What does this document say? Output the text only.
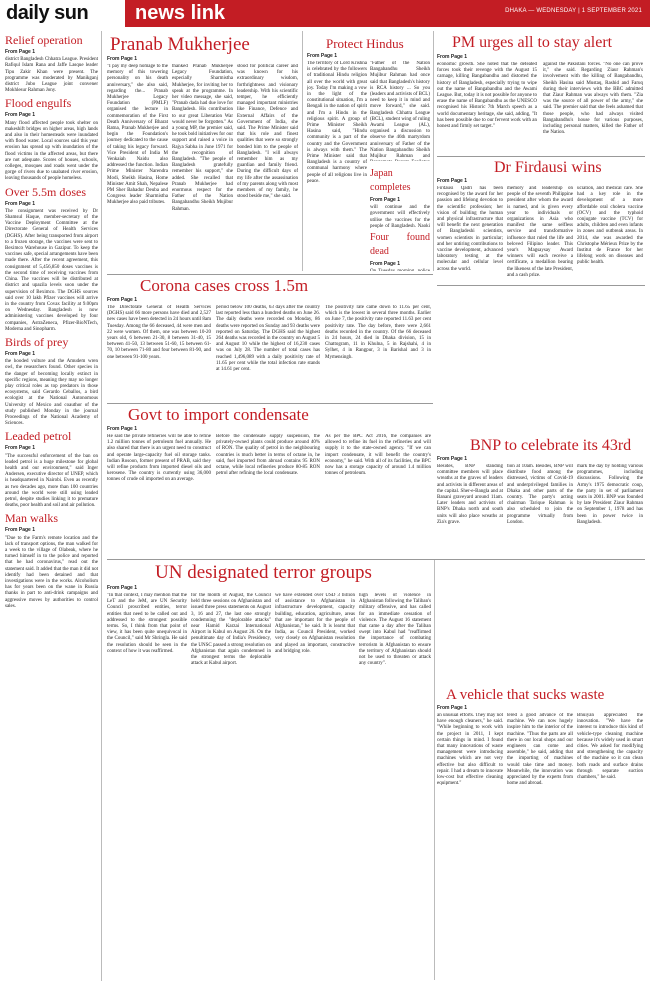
daily sun	news link	DHAKA — WEDNESDAY | 1 SEPTEMBER 2021
Relief operation
From Page 1

district Bangladesh Chhatra League. President Rafiqul Islam Rana and Jaffe Lasque leader Tipu Zakir Khan were present. The programme was moderated by Manikganj district Jubo League joint convener Mokhlesur Rahman Jony.

Flood engulfs
From Page 1

Many flood affected people took shelter on makeshift bridges on higher areas, high lands and also in their homesteads were inundated with flood water. Local sources said this year erosion has spread up with inundation of the flood victims in the affected areas, but there are not adequate. Scores of houses, schools, colleges, mosques and roads went under the gorge of rivers due to unabated river erosion, leaving thousands of people homeless.

Over 5.5m doses
From Page 1

The consignment was received by Dr Shamsul Haque, member-secretary of the Vaccine Deployment Committee at the Directorate General of Health Services (DGHS). After being transported from airport to a frozen storage, the vaccines were sent to Beximco Warehouse in Gazipur. To keep the vaccines safe, special arrangements have been made there. After the recent agreement, this consignment of 5,456,850 doses vaccines is the second time of receiving vaccines from China. The vaccines will be distributed at district and upazila levels soon under the supervision of Beximco. The DGHS sources said over 10 lakh Pfizer vaccines will arrive in the country from Covax facility at 9.00pm on Wednesday. Bangladesh is now administering vaccines developed by four companies, AstraZeneca, Pfizer-BioNTech, Moderna and Sinopharm.

Birds of prey
From Page 1

the hooded vulture and the Amudem wren owl, the researchers found. Other species in the danger of becoming locally extinct in specific regions, meaning they may no longer play critical roles as top predators in those ecosystems, said Gerardo Ceballos, a bird ecologist at the National Autonomous University of Mexico and coauthor of the study published Monday in the journal Proceedings of the National Academy of Sciences.

Leaded petrol
From Page 1

"The successful enforcement of the ban on leaded petrol is a huge milestone for global health and our environment," said Inger Andersen, executive director of UNEP, which is headquartered in Nairobi. Even as recently as two decades ago, more than 100 countries around the world were still using leaded petrol, despite studies linking it to premature deaths, poor health and soil and air pollution.

Man walks
From Page 1

"Due to the Farm's remote location and the lack of transport options, the man walked for a week to the village of Olabeak, where he turned himself in to the police and reported that he had coronavirus," read out the statement said. It added that the man it did not identify had been detained and that investigations were in the works. Alcoholism has for years been on the wane in Russia thanks in part to anti-drink campaigns and aggressive moves by authorities to control sales.

Pranab Mukherjee
From Page 1

"I pay my deep homage to the memory of this towering personality on his death anniversary," she also said, regarding the... Pranab Mukherjee Legacy Foundation (PMLF) organised the lecture in commemoration of the First Death Anniversary of Bharat Ratna, Pranab Mukherjee and begin the Foundation's journey dedicated to the cause of taking his legacy forward. Vice President of India M Venkaiah Naidu also addressed the function. Indian Prime Minister Narendra Modi, Sheikh Hasina, Home Minister Amit Shah, Nepalese PM Sher Bahadur Deuba and Congress leader Sharmistha Mukherjee also paid tributes.

thanked Pranab Mukherjee Legacy Foundation, especially Sharmistha Mukherjee, for inviting her to speak at the programme. In her video message, she said, "Pranab dada had due love for Bangladesh. His contribution to our great Liberation War would never be forgotten." As a young MP, the premier said, he took bold initiatives for our support and raised a voice in Rajya Sabha in June 1971 for the recognition of Bangladesh. "The people of Bangladesh gratefully remember his support," she added. She recalled that Pranab Mukherjee had enormous respect for the Father of the Nation Bangabandhu Sheikh Mujibur Rahman.

stood for political career and was known for his extraordinary wisdom, forthrightness and visionary leadership. With his scientific temper, he efficiently managed important ministries like Finance, Defence and External Affairs of the Government of India, she said. The Prime Minister said that his role and finest qualities that were so strongly bonded him to the people of Bangladesh. "I will always remember him as my guardian and family friend. During the difficult days of my life after the assassination of my parents along with most members of my family, he stood beside me," she said.

Protect Hindus
From Page 1

The territory of Lord Krishna is celebrated by the followers of traditional Hindu religion all over the world with great joy. Today I'm making a vow in the light of the constitutional situation, I'm a Bengali in the nation of spirit and I'm a Hindu in the religious spirit. A group of Prime Minister Sheikh Hasina said, "Hindu community is a part of the country and the Government is always with them." The Prime Minister said that Bangladesh is a country of communal harmony where people of all religions live in peace.

"Father of the Nation Bangabandhu Sheikh Mujibur Rahman had once said that Bangladesh's history is RCA history ... So you (leaders and activists of BCL) need to keep it in mind and move forward," she said. Bangladesh Chhatra League (BCL), student wing of ruling Awami League (AL), organised a discussion to observe the 46th martyrdom anniversary of Father of the Nation Bangabandhu Sheikh Mujibur Rahman and

Japan completes
From Page 1

will continue and the government will effectively utilise the vaccines for the people of Bangladesh. Naoki

Four found dead
From Page 1

PM urges all to stay alert
From Page 1

economic growth. She noted that the defeated forces took their revenge with the August 15 carnage, killing Bangabandhu and distorted the history of Bangladesh, especially trying to wipe out the name of Bangabandhu and the Awami League. But, today it is not possible for anyone to erase the name of Bangabandhu as the UNESCO recognised his Historic 7th March speech as a world documentary heritage, she said, adding, "It has been possible due to our fervent work with an honest and firmly set target."

against the Pakistani forces. "No one can prove it," she said. Regarding Ziaur Rahman's involvement with the killing of Bangabandhu, Sheikh Hasina said Mustaq, Rashid and Faruq during their interviews with the BBC admitted that Ziaur Rahman was always with them. "Zia was the source of all power of the army," she said. The premier said that she feels ashamed that those people, who had always visited Bangabandhu's house for various purposes, including personal matters, killed the Father of the Nation.

Dr Firdausi wins
From Page 1

Firdausi Qadri has been recognised by the award for her passion and lifelong devotion to the scientific profession; her vision of building the human and physical infrastructure that will benefit the next generation of Bangladeshi scientists, women scientists in particular; and her untiring contributions to vaccine development, advanced laboratory testing at the molecular and cellular level across the world.

memory and leadership on people of the seventh Philippine president after whom the award is named, and is given every year to individuals or organizations in Asia who manifest the same selfless service and transformative influence that ruled the life and beloved Filipino leader. This year's Magsaysay Award winners will each receive a certificate, a medallion bearing the likeness of the late President, and a cash prize.

uciation, and medical care. She had a key role in the development of a more affordable oral cholera vaccine (OCV) and the typhoid conjugate vaccine (TCV) for adults, children and even infants in zones and outbreak areas. In 2014, she was awarded the Christophe Mérieux Prize by the Institut de France for her lifelong work on diseases and public health.

Corona cases cross 1.5m
From Page 1

The Directorate General of Health Services (DGHS) said 66 more persons have died and 2,527 new cases have been detected in 24 hours until 8am Tuesday. Among the 66 deceased, 44 were men and 22 were women. Of them, one was between 10-20 years old, 6 between 21-30, 8 between 31-40, 15 between 41-50, 13 between 51-60, 15 between 61-70, 10 between 71-80 and four between 81-90, and one between 91-100 years.

period below 100 deaths, 63 days after the country last reported less than a hundred deaths on June 26. The daily deaths were recorded on Monday, 86 deaths were reported on Sunday and 93 deaths were reported on Saturday. The DGHS said the highest 264 deaths was recorded in the country on August 5 and August 10 while the highest of 16,230 cases was on July 28. The number of total cases has reached 1,496,089 with a daily positivity rate of 11.65 per cent while the total infection rate stands at 14.61 per cent.

The positivity rate came down to 11.65 per cent, which is the lowest in several three months. Earlier on June 7, the positivity rate reported 11.63 per cent positivity rate. The day before, there were 2,661 deaths recorded in the country. Of the 66 deceased in 24 hours, 24 died in Dhaka division, 15 in Chattogram, 11 in Khulna, 5 in Rajshahi, 4 in Sylhet, 4 in Rangpur, 3 in Barishal and 3 in Mymensingh.

Govt to import condensate
From Page 1

He said the private refineries will be able to refine 1.2 million tonnes of petroleum fuel annually. He also shared that there is an urgent need to construct and operate large-capacity fuel oil storage tanks. Indian Rosoon, former present of PRAB, said they will refine products from imported diesel oils and kerosene. The country is currently using 36,000 tonnes of crude oil imported on an average.

Before the condensate supply suspension, the privately-owned plants could produce around 40% of RON. The quality of petrol in the neighbouring countries is much better in terms of octane in, he said, fuel imported from abroad contains 95 RON octane, while local refineries produce 80-85 RON petrol after refining the local condensate.

As per the BPC Act 2016, the companies are allowed to refine its fuel in the refineries and will supply it to the state-owned agency. "If we can import condensate, it will benefit the country's economy," he said. With all of its facilities, the BPC now has a storage capacity of around 1.4 million tonnes of petroleum.

BNP to celebrate its 43rd
From Page 1

Besides, BNP standing committee members will place wreaths at the graves of leaders and activists in different areas of the capital. Sher-e-Bangla and at Banani graveyard around 11am. Later leaders and activists of BNP's Dhaka north and south units will also place wreaths at Zia's grave.

tion at 10am. Besides, BNP will distribute food among the distressed, victims of Covid-19 and underprivileged families in Dhaka and other parts of the country. The party's acting chairman Tarique Rahman is also scheduled to join the programme virtually from London.

mark the day by holding various programmes, including discussions. Following the Army's 1975 democratic coup, the party in set of parliament seats in 2001. BNP was founded by late President Ziaur Rahman on September 1, 1978 and has been in power twice in Bangladesh.

UN designated terror groups
From Page 1

"In that context, I may mention that the LeT and the JeM, are UN Security Council proscribed entities, terror entities that need to be called out and addressed to the strongest possible terms. So, I think from that point of view, it has been quite unequivocal in the Council," said Mr Shringla. He said the resolution should be seen in the context of how it was reaffirmed.

for the month of August, the Council held three sessions on Afghanistan and issued three press statements on August 3, 16 and 27, the last one strongly condemning the "deplorable attacks" near Hamid Karzai International Airport in Kabul on August 26. On the penultimate day of India's Presidency, the UNSC passed a strong resolution on Afghanistan that again condemned in the strongest terms the deplorable attack at Kabul airport.

we have extended over USD 3 billion of assistance to Afghanistan in infrastructure development, capacity building, education, agriculture, areas that are important for the people of Afghanistan," he said. It is learnt that India, as Council President, worked very closely on Afghanistan resolution and played an important, constructive and bridging role.

high levels of violence in Afghanistan following the Taliban's military offensive, and has called for an immediate cessation of violence. The August 16 statement that came a day after the Taliban swept into Kabul had "reaffirmed the importance of combating terrorism in Afghanistan to ensure the territory of Afghanistan should not be used to threaten or attack any country".

A vehicle that sucks waste
From Page 1

an unusual efforts. They may not have enough cleaners," he said. "While beginning to work with the project in 2011, I kept certain things in mind. I found that many innovations of waste management were introducing machines which are not very effective but also difficult to repair. I had a dream to innovate low-cost but effective cleaning equipment."

tered a good advance of the machine. We can now hugely inspire him to the interior of the machine. "Thus the parts are all there in our local shops and our engineers can come and assemble," he said, adding that the importing of machines would take time and money. Meanwhile, the innovation was appreciated by the experts from home and abroad.

Bhuiyan appreciated the innovation. "We have the interest to introduce this kind of vehicle-type cleaning machine because it's widely used in smart cities. We asked for modifying and strengthening the capacity of the machine so it can clean both roads and surface drains through separate suction chambers," he said.
